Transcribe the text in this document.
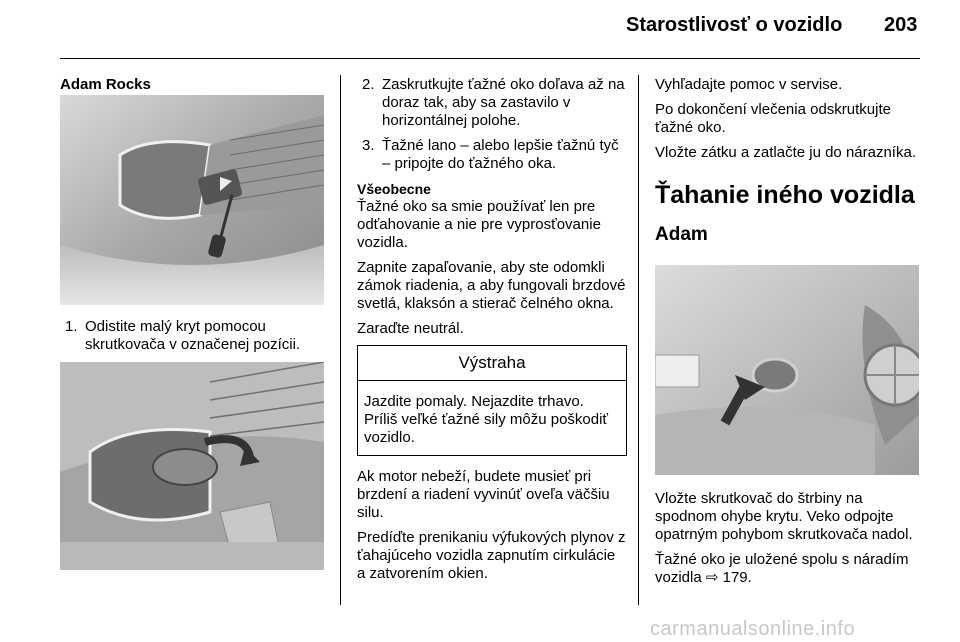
Starostlivosť o vozidlo 203
Adam Rocks
1. Odistite malý kryt pomocou skrutkovača v označenej pozícii.
2. Zaskrutkujte ťažné oko doľava až na doraz tak, aby sa zastavilo v horizontálnej polohe.
3. Ťažné lano – alebo lepšie ťažnú tyč – pripojte do ťažného oka.
Všeobecne

Ťažné oko sa smie používať len pre odťahovanie a nie pre vyprosťovanie vozidla.

Zapnite zapaľovanie, aby ste odomkli zámok riadenia, a aby fungovali brzdové svetlá, klaksón a stierač čelného okna.

Zaraďte neutrál.

Výstraha
Jazdite pomaly. Nejazdite trhavo. Príliš veľké ťažné sily môžu poškodiť vozidlo.

Ak motor nebeží, budete musieť pri brzdení a riadení vyvinúť oveľa väčšiu silu.

Predíďte prenikaniu výfukových plynov z ťahajúceho vozidla zapnutím cirkulácie a zatvorením okien.

Vyhľadajte pomoc v servise.

Po dokončení vlečenia odskrutkujte ťažné oko.

Vložte zátku a zatlačte ju do nárazníka.

Ťahanie iného vozidla
Adam

Vložte skrutkovač do štrbiny na spodnom ohybe krytu. Veko odpojte opatrným pohybom skrutkovača nadol.

Ťažné oko je uložené spolu s náradím vozidla ⇨ 179.

carmanualsonline.info
